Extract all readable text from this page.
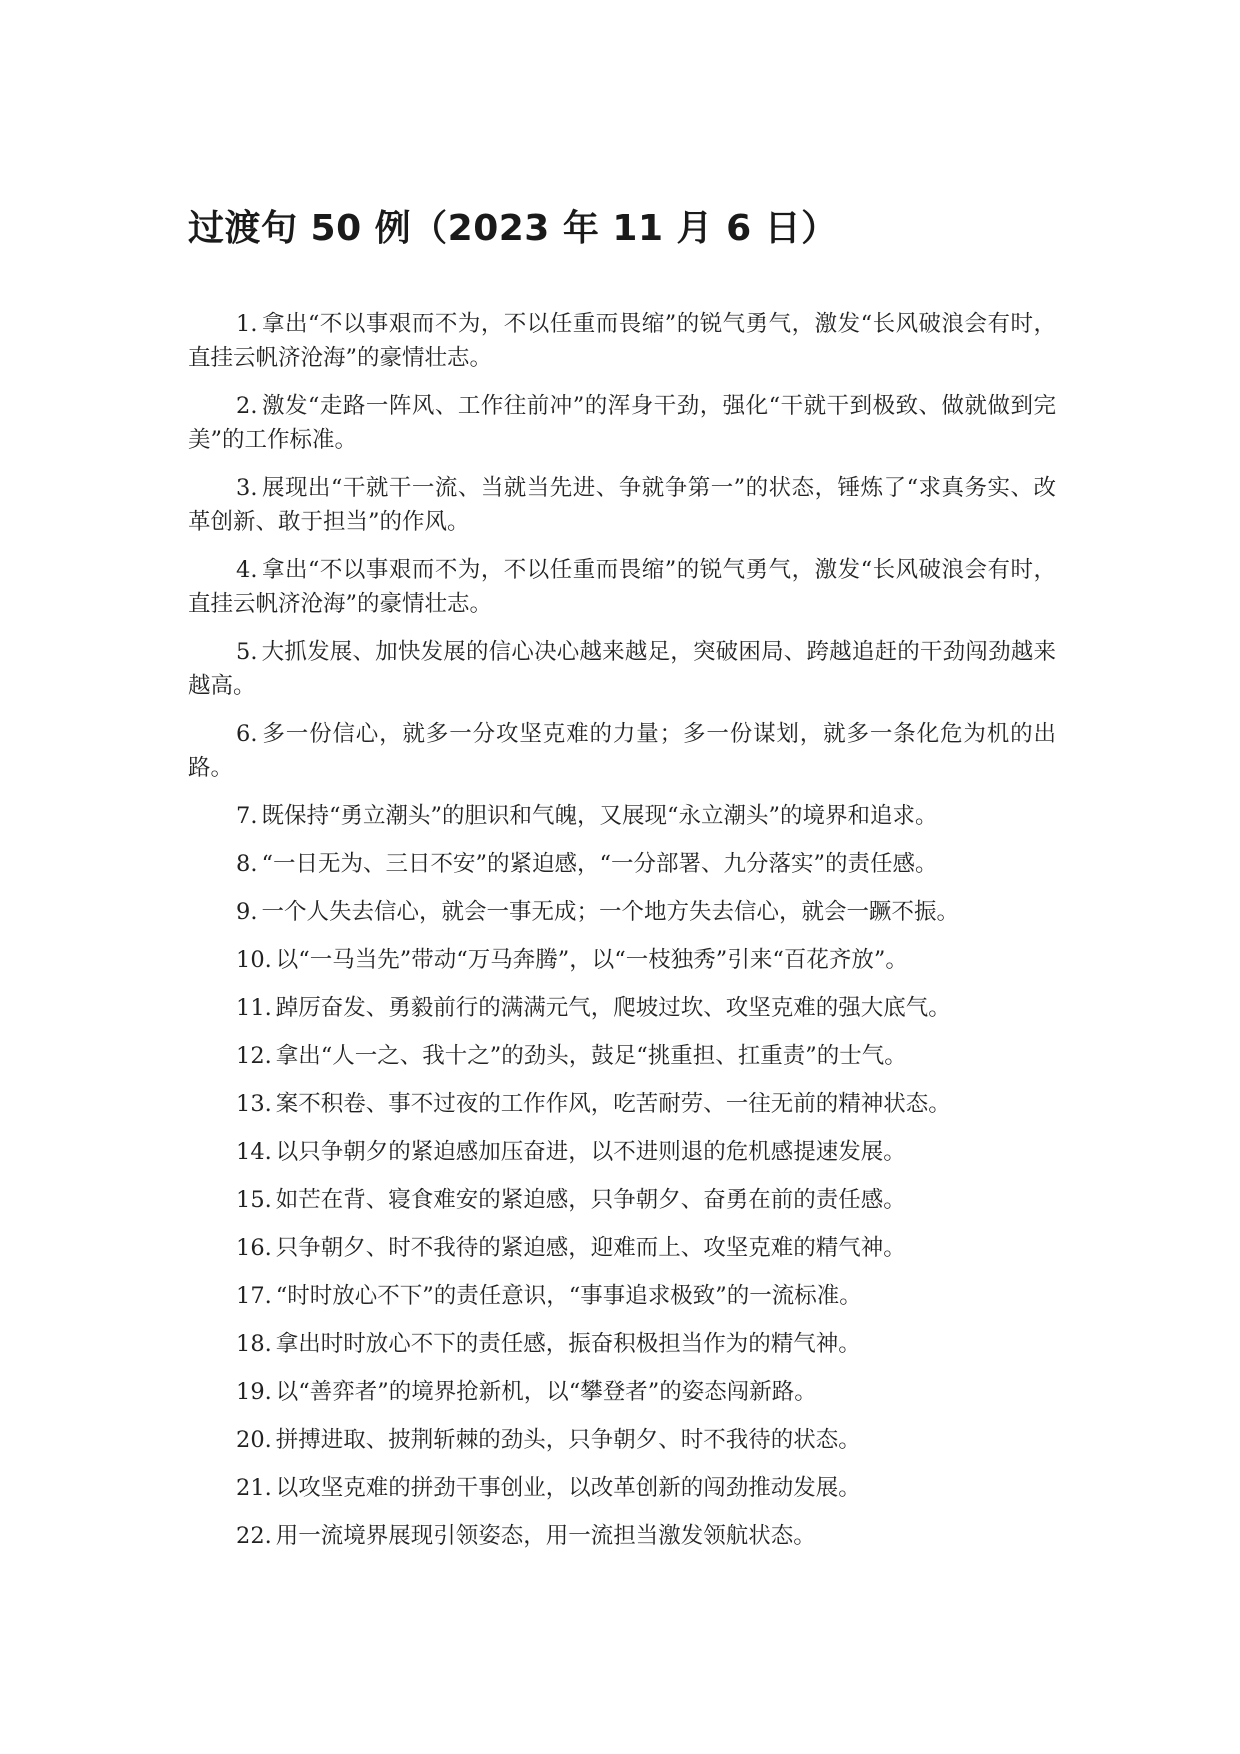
过渡句 50 例（2023 年 11 月 6 日）
1. 拿出“不以事艰而不为，不以任重而畏缩”的锐气勇气，激发“长风破浪会有时，直挂云帆济沧海”的豪情壮志。
2. 激发“走路一阵风、工作往前冲”的浑身干劲，强化“干就干到极致、做就做到完美”的工作标准。
3. 展现出“干就干一流、当就当先进、争就争第一”的状态，锤炼了“求真务实、改革创新、敢于担当”的作风。
4. 拿出“不以事艰而不为，不以任重而畏缩”的锐气勇气，激发“长风破浪会有时，直挂云帆济沧海”的豪情壮志。
5. 大抓发展、加快发展的信心决心越来越足，突破困局、跨越追赶的干劲闯劲越来越高。
6. 多一份信心，就多一分攻坚克难的力量；多一份谋划，就多一条化危为机的出路。
7. 既保持“勇立潮头”的胆识和气魄，又展现“永立潮头”的境界和追求。
8. “一日无为、三日不安”的紧迫感，“一分部署、九分落实”的责任感。
9. 一个人失去信心，就会一事无成；一个地方失去信心，就会一蹶不振。
10. 以“一马当先”带动“万马奔腾”，以“一枝独秀”引来“百花齐放”。
11. 踔厉奋发、勇毅前行的满满元气，爬坡过坎、攻坚克难的强大底气。
12. 拿出“人一之、我十之”的劲头，鼓足“挑重担、扛重责”的士气。
13. 案不积卷、事不过夜的工作作风，吃苦耐劳、一往无前的精神状态。
14. 以只争朝夕的紧迫感加压奋进，以不进则退的危机感提速发展。
15. 如芒在背、寝食难安的紧迫感，只争朝夕、奋勇在前的责任感。
16. 只争朝夕、时不我待的紧迫感，迎难而上、攻坚克难的精气神。
17. “时时放心不下”的责任意识，“事事追求极致”的一流标准。
18. 拿出时时放心不下的责任感，振奋积极担当作为的精气神。
19. 以“善弈者”的境界抢新机，以“攀登者”的姿态闯新路。
20. 拼搏进取、披荆斩棘的劲头，只争朝夕、时不我待的状态。
21. 以攻坚克难的拼劲干事创业，以改革创新的闯劲推动发展。
22. 用一流境界展现引领姿态，用一流担当激发领航状态。
